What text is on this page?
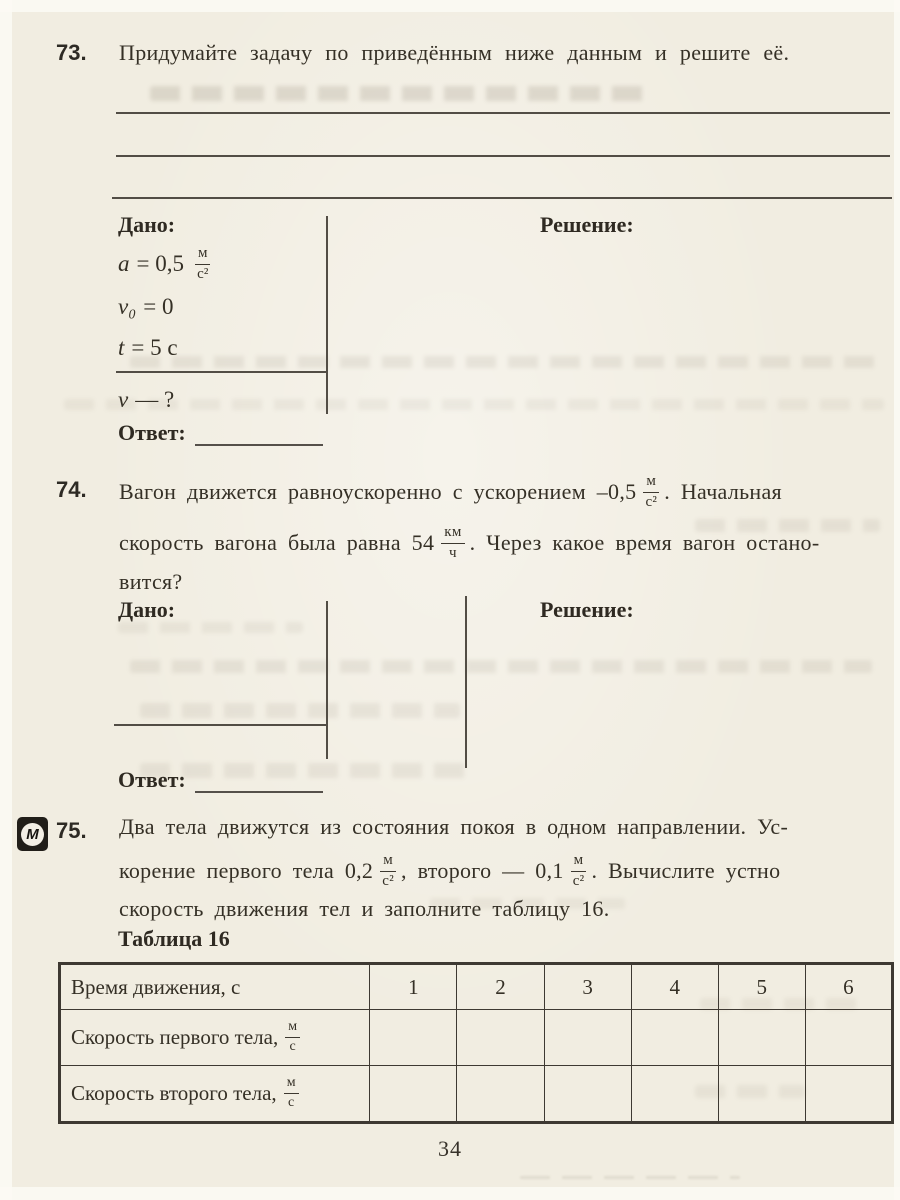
73. Придумайте задачу по приведённым ниже данным и решите её.

Дано:	Решение:
a = 0,5 м
с²
v₀ = 0
t = 5 с
v — ?
Ответ:
74. Вагон движется равноускоренно с ускорением –0,5 м
с² . Начальная
скорость вагона была равна 54 км
ч . Через какое время вагон остано-
вится?
Дано:	Решение:
Ответ:
М 75. Два тела движутся из состояния покоя в одном направлении. Ус-
корение первого тела 0,2 м
с² , второго — 0,1 м
с² . Вычислите устно
скорость движения тел и заполните таблицу 16.
Таблица 16
Время движения, с	1	2	3	4	5	6

Скорость первого тела, м
с						

Скорость второго тела, м
с						

34
